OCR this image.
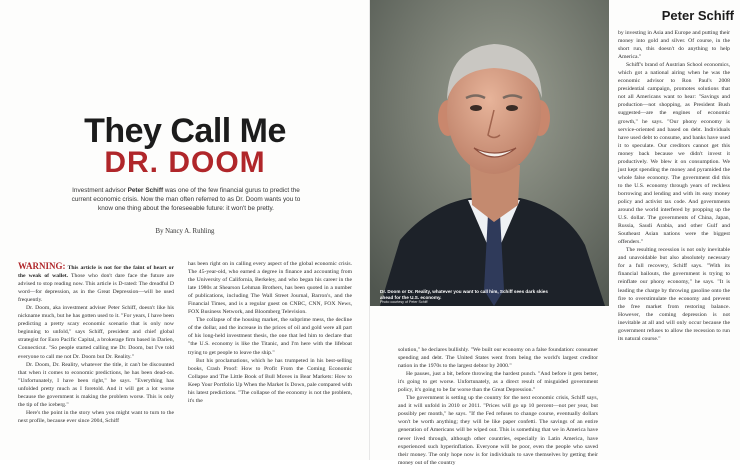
They Call Me
DR. DOOM
Investment advisor Peter Schiff was one of the few financial gurus to predict the current economic crisis. Now the man often referred to as Dr. Doom wants you to know one thing about the foreseeable future: it won't be pretty.
By Nancy A. Ruhling

WARNING: This article is not for the faint of heart or the weak of wallet. Those who don't dare face the future are advised to stop reading now. This article is D-rated: The dreadful D word—for depression, as in the Great Depression—will be used frequently.

Dr. Doom, aka investment adviser Peter Schiff, doesn't like his nickname much, but he has gotten used to it. "For years, I have been predicting a pretty scary economic scenario that is only now beginning to unfold," says Schiff, president and chief global strategist for Euro Pacific Capital, a brokerage firm based in Darien, Connecticut. "So people started calling me Dr. Doom, but I've told everyone to call me not Dr. Doom but Dr. Reality."

Dr. Doom, Dr. Reality, whatever the title, it can't be discounted that when it comes to economic predictions, he has been dead-on. "Unfortunately, I have been right," he says. "Everything has unfolded pretty much as I foretold. And it will get a lot worse because the government is making the problem worse. This is only the tip of the iceberg."

Here's the point in the story when you might want to turn to the next profile, because ever since 2004, Schiff

has been right on in calling every aspect of the global economic crisis. The 45-year-old, who earned a degree in finance and accounting from the University of California, Berkeley, and who began his career in the late 1980s at Shearson Lehman Brothers, has been quoted in a number of publications, including The Wall Street Journal, Barron's, and the Financial Times, and is a regular guest on CNBC, CNN, FOX News, FOX Business Network, and Bloomberg Television.

The collapse of the housing market, the subprime mess, the decline of the dollar, and the increase in the prices of oil and gold were all part of his long-held investment thesis, the one that led him to declare that "the U.S. economy is like the Titanic, and I'm here with the lifeboat trying to get people to leave the ship."

But his proclamations, which he has trumpeted in his best-selling books, Crash Proof: How to Profit From the Coming Economic Collapse and The Little Book of Bull Moves in Bear Markets: How to Keep Your Portfolio Up When the Market Is Down, pale compared with his latest predictions. "The collapse of the economy is not the problem, it's the

Dr. Doom or Dr. Reality, whatever you want to call him, Schiff sees dark skies ahead for the U.S. economy.
Photo courtesy of Peter Schiff
Peter Schiff

solution," he declares bullishly. "We built our economy on a false foundation: consumer spending and debt. The United States went from being the world's largest creditor nation in the 1970s to the largest debtor by 2000."

He pauses, just a bit, before throwing the hardest punch. "And before it gets better, it's going to get worse. Unfortunately, as a direct result of misguided government policy, it's going to be far worse than the Great Depression."

The government is setting up the country for the next economic crisis, Schiff says, and it will unfold in 2010 or 2011. "Prices will go up 10 percent—not per year, but possibly per month," he says. "If the Fed refuses to change course, eventually dollars won't be worth anything; they will be like paper confetti. The savings of an entire generation of Americans will be wiped out. This is something that we in America have never lived through, although other countries, especially in Latin America, have experienced such hyperinflation. Everyone will be poor, even the people who saved their money. The only hope now is for individuals to save themselves by getting their money out of the country

by investing in Asia and Europe and putting their money into gold and silver. Of course, in the short run, this doesn't do anything to help America."

Schiff's brand of Austrian School economics, which got a national airing when he was the economic advisor to Ron Paul's 2008 presidential campaign, promotes solutions that not all Americans want to hear: "Savings and production—not shopping, as President Bush suggested—are the engines of economic growth," he says. "Our phony economy is service-oriented and based on debt. Individuals have used debt to consume, and banks have used it to speculate. Our creditors cannot get this money back because we didn't invest it productively. We blew it on consumption. We just kept spending the money and pyramided the whole false economy. The government did this to the U.S. economy through years of reckless borrowing and lending and with its easy money policy and activist tax code. And governments around the world interfered by propping up the U.S. dollar. The governments of China, Japan, Russia, Saudi Arabia, and other Gulf and Southeast Asian nations were the biggest offenders."

The resulting recession is not only inevitable and unavoidable but also absolutely necessary for a full recovery, Schiff says. "With its financial bailouts, the government is trying to reinflate our phony economy," he says. "It is leading the charge by throwing gasoline onto the fire to overstimulate the economy and prevent the free market from restoring balance. However, the coming depression is not inevitable at all and will only occur because the government refuses to allow the recession to run its natural course."
